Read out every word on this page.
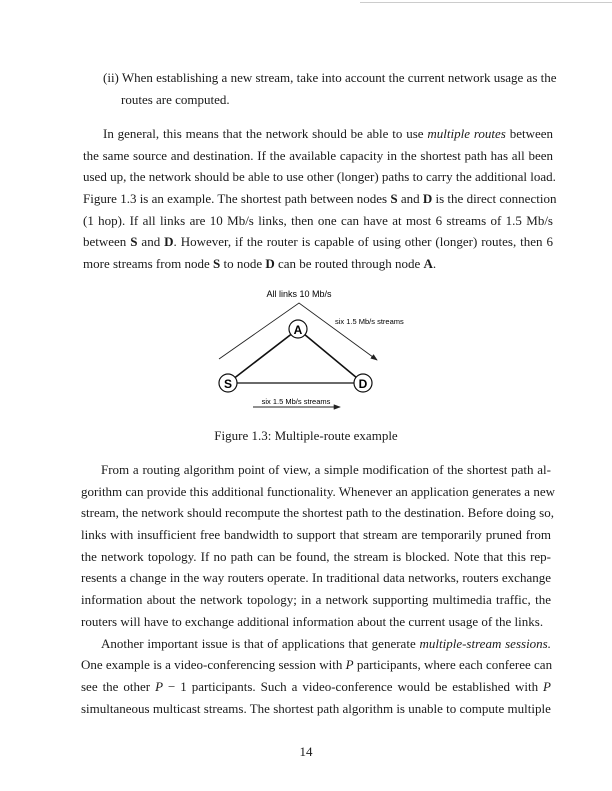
(ii) When establishing a new stream, take into account the current network usage as the
routes are computed.
In general, this means that the network should be able to use multiple routes between
the same source and destination. If the available capacity in the shortest path has all been
used up, the network should be able to use other (longer) paths to carry the additional load.
Figure 1.3 is an example. The shortest path between nodes S and D is the direct connection
(1 hop). If all links are 10 Mb/s links, then one can have at most 6 streams of 1.5 Mb/s
between S and D. However, if the router is capable of using other (longer) routes, then 6
more streams from node S to node D can be routed through node A.
A
S	D
All links 10 Mb/s
six 1.5 Mb/s streams
six 1.5 Mb/s streams
Figure 1.3: Multiple-route example
From a routing algorithm point of view, a simple modification of the shortest path al-
gorithm can provide this additional functionality. Whenever an application generates a new
stream, the network should recompute the shortest path to the destination. Before doing so,
links with insufficient free bandwidth to support that stream are temporarily pruned from
the network topology. If no path can be found, the stream is blocked. Note that this rep-
resents a change in the way routers operate. In traditional data networks, routers exchange
information about the network topology; in a network supporting multimedia traffic, the
routers will have to exchange additional information about the current usage of the links.
Another important issue is that of applications that generate multiple-stream sessions.
One example is a video-conferencing session with P participants, where each conferee can
see the other P − 1 participants. Such a video-conference would be established with P
simultaneous multicast streams. The shortest path algorithm is unable to compute multiple
14
